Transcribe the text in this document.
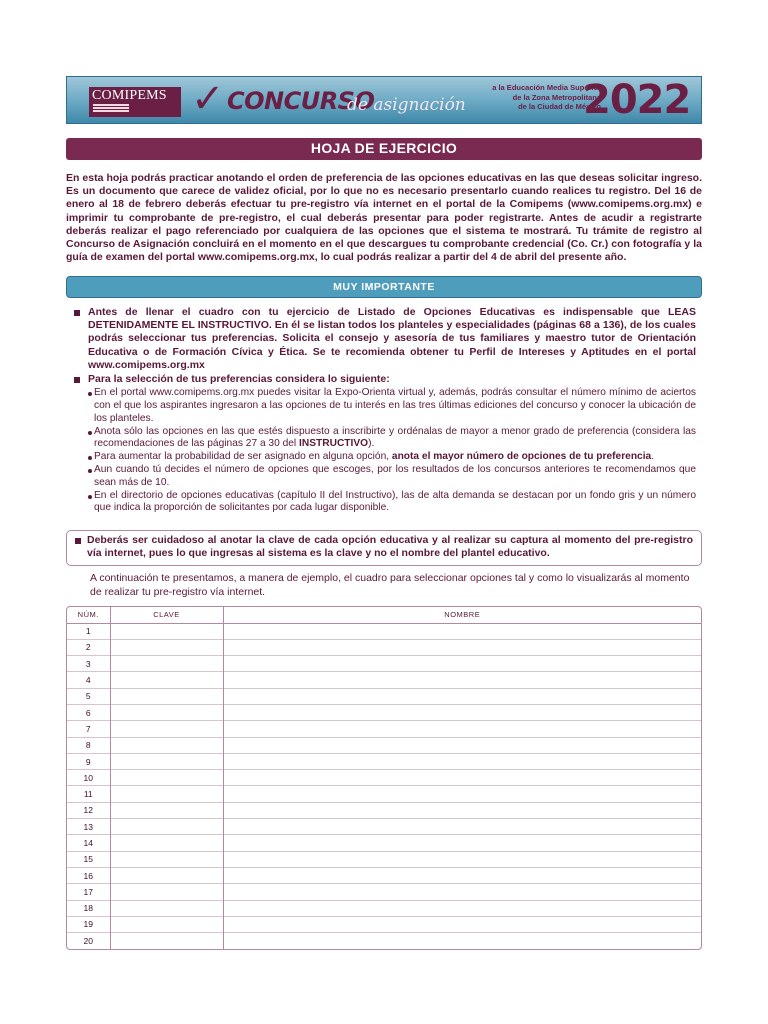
COMIPEMS ✓ CONCURSO
de asignación
a la Educación Media Superior
de la Zona Metropolitana
de la Ciudad de México
2022
HOJA DE EJERCICIO

En esta hoja podrás practicar anotando el orden de preferencia de las opciones educativas en las que deseas solicitar ingreso. Es un documento que carece de validez oficial, por lo que no es necesario presentarlo cuando realices tu registro. Del 16 de enero al 18 de febrero deberás efectuar tu pre-registro vía internet en el portal de la Comipems (www.comipems.org.mx) e imprimir tu comprobante de pre-registro, el cual deberás presentar para poder registrarte. Antes de acudir a registrarte deberás realizar el pago referenciado por cualquiera de las opciones que el sistema te mostrará. Tu trámite de registro al Concurso de Asignación concluirá en el momento en el que descargues tu comprobante credencial (Co. Cr.) con fotografía y la guía de examen del portal www.comipems.org.mx, lo cual podrás realizar a partir del 4 de abril del presente año.

MUY IMPORTANTE
Antes de llenar el cuadro con tu ejercicio de Listado de Opciones Educativas es indispensable que LEAS DETENIDAMENTE EL INSTRUCTIVO. En él se listan todos los planteles y especialidades (páginas 68 a 136), de los cuales podrás seleccionar tus preferencias. Solicita el consejo y asesoría de tus familiares y maestro tutor de Orientación Educativa o de Formación Cívica y Ética. Se te recomienda obtener tu Perfil de Intereses y Aptitudes en el portal www.comipems.org.mx
Para la selección de tus preferencias considera lo siguiente:
En el portal www.comipems.org.mx puedes visitar la Expo-Orienta virtual y, además, podrás consultar el número mínimo de aciertos con el que los aspirantes ingresaron a las opciones de tu interés en las tres últimas ediciones del concurso y conocer la ubicación de los planteles.
Anota sólo las opciones en las que estés dispuesto a inscribirte y ordénalas de mayor a menor grado de preferencia (considera las recomendaciones de las páginas 27 a 30 del INSTRUCTIVO).
Para aumentar la probabilidad de ser asignado en alguna opción, anota el mayor número de opciones de tu preferencia.
Aun cuando tú decides el número de opciones que escoges, por los resultados de los concursos anteriores te recomendamos que sean más de 10.
En el directorio de opciones educativas (capítulo II del Instructivo), las de alta demanda se destacan por un fondo gris y un número que indica la proporción de solicitantes por cada lugar disponible.
Deberás ser cuidadoso al anotar la clave de cada opción educativa y al realizar su captura al momento del pre-registro vía internet, pues lo que ingresas al sistema es la clave y no el nombre del plantel educativo.

A continuación te presentamos, a manera de ejemplo, el cuadro para seleccionar opciones tal y como lo visualizarás al momento de realizar tu pre-registro vía internet.

NÚM.	CLAVE	NOMBRE
1		
2		
3		
4		
5		
6		
7		
8		
9		
10		
11		
12		
13		
14		
15		
16		
17		
18		
19		
20		
